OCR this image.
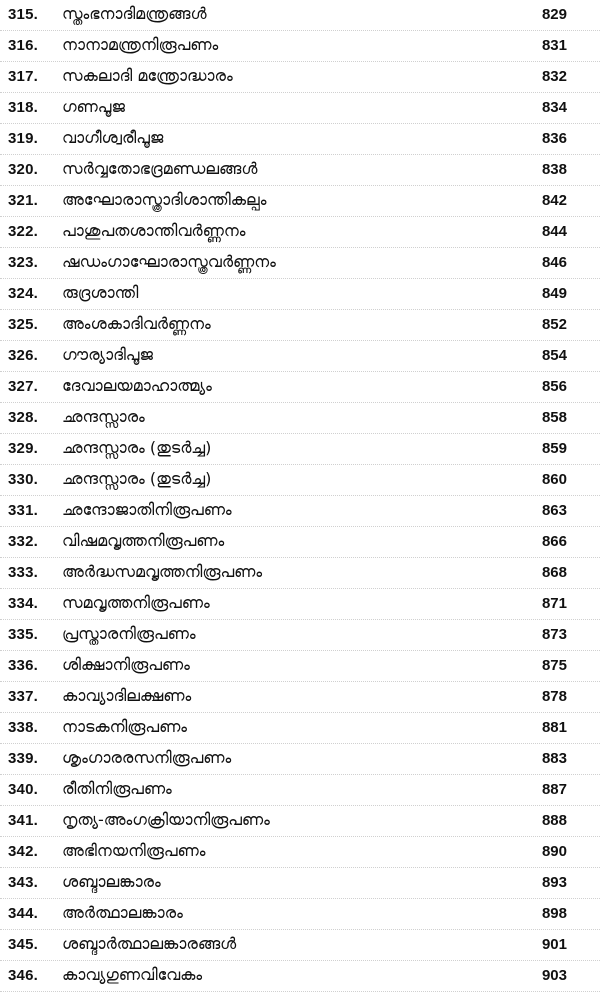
315. സ്തംഭനാദിമന്ത്രങ്ങൾ	829
316. നാനാമന്ത്രനിരൂപണം	831
317. സകലാദി മന്ത്രോദ്ധാരം	832
318. ഗണപൂജ	834
319. വാഗീശ്വരീപൂജ	836
320. സർവ്വതോഭദ്രമണ്ഡലങ്ങൾ	838
321. അഘോരാസ്ത്രാദിശാന്തികല്പം	842
322. പാശുപതശാന്തിവർണ്ണനം	844
323. ഷഡംഗാഘോരാസ്ത്രവർണ്ണനം	846
324. രുദ്രശാന്തി	849
325. അംശകാദിവർണ്ണനം	852
326. ഗൗര്യാദിപൂജ	854
327. ദേവാലയമാഹാത്മ്യം	856
328. ഛന്ദസ്സാരം	858
329. ഛന്ദസ്സാരം (തുടർച്ച)	859
330. ഛന്ദസ്സാരം (തുടർച്ച)	860
331. ഛന്ദോജാതിനിരൂപണം	863
332. വിഷമവൃത്തനിരൂപണം	866
333. അർദ്ധസമവൃത്തനിരൂപണം	868
334. സമവൃത്തനിരൂപണം	871
335. പ്രസ്താരനിരൂപണം	873
336. ശിക്ഷാനിരൂപണം	875
337. കാവ്യാദിലക്ഷണം	878
338. നാടകനിരൂപണം	881
339. ശൃംഗാരരസനിരൂപണം	883
340. രീതിനിരൂപണം	887
341. നൃത്യ-അംഗക്രിയാനിരൂപണം	888
342. അഭിനയനിരൂപണം	890
343. ശബ്ദാലങ്കാരം	893
344. അർത്ഥാലങ്കാരം	898
345. ശബ്ദാർത്ഥാലങ്കാരങ്ങൾ	901
346. കാവ്യഗുണവിവേകം	903
